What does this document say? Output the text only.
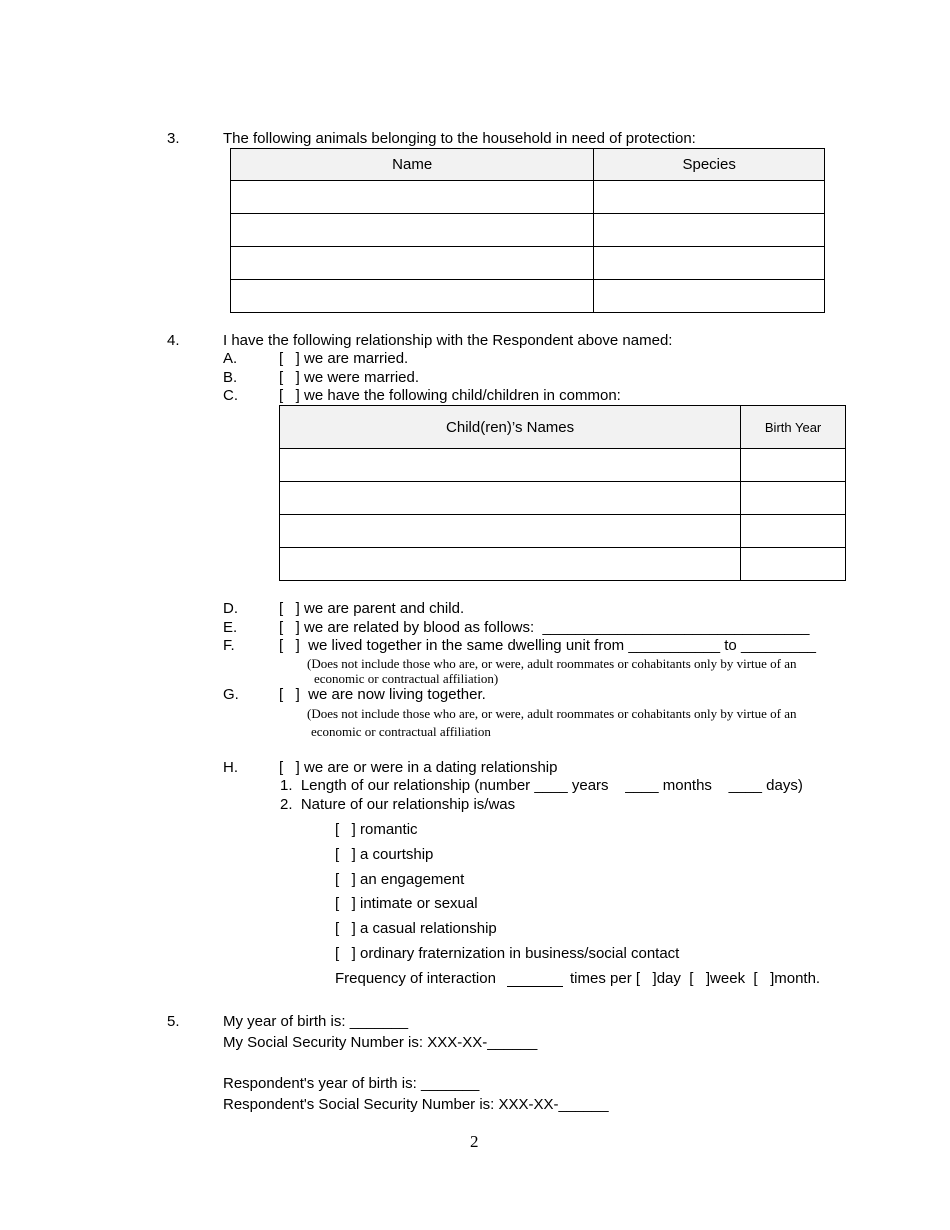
3.	The following animals belonging to the household in need of protection:
Name	Species

4.	I have the following relationship with the Respondent above named:
A.	[   ] we are married.
B.	[   ] we were married.
C.	[   ] we have the following child/children in common:
Child(ren)’s Names	Birth Year

D.	[   ] we are parent and child.
E.	[   ] we are related by blood as follows:  ________________________________
F.	[   ]  we lived together in the same dwelling unit from ___________ to _________
(Does not include those who are, or were, adult roommates or cohabitants only by virtue of an
economic or contractual affiliation)
G.	[   ]  we are now living together.
(Does not include those who are, or were, adult roommates or cohabitants only by virtue of an
economic or contractual affiliation
H.	[   ] we are or were in a dating relationship
1.  Length of our relationship (number ____ years    ____ months    ____ days)
2.  Nature of our relationship is/was
[   ] romantic
[   ] a courtship
[   ] an engagement
[   ] intimate or sexual
[   ] a casual relationship
[   ] ordinary fraternization in business/social contact
Frequency of interaction	times per [   ]day  [   ]week  [   ]month.
5.	My year of birth is: _______
My Social Security Number is: XXX-XX-______
Respondent's year of birth is: _______
Respondent's Social Security Number is: XXX-XX-______
2
